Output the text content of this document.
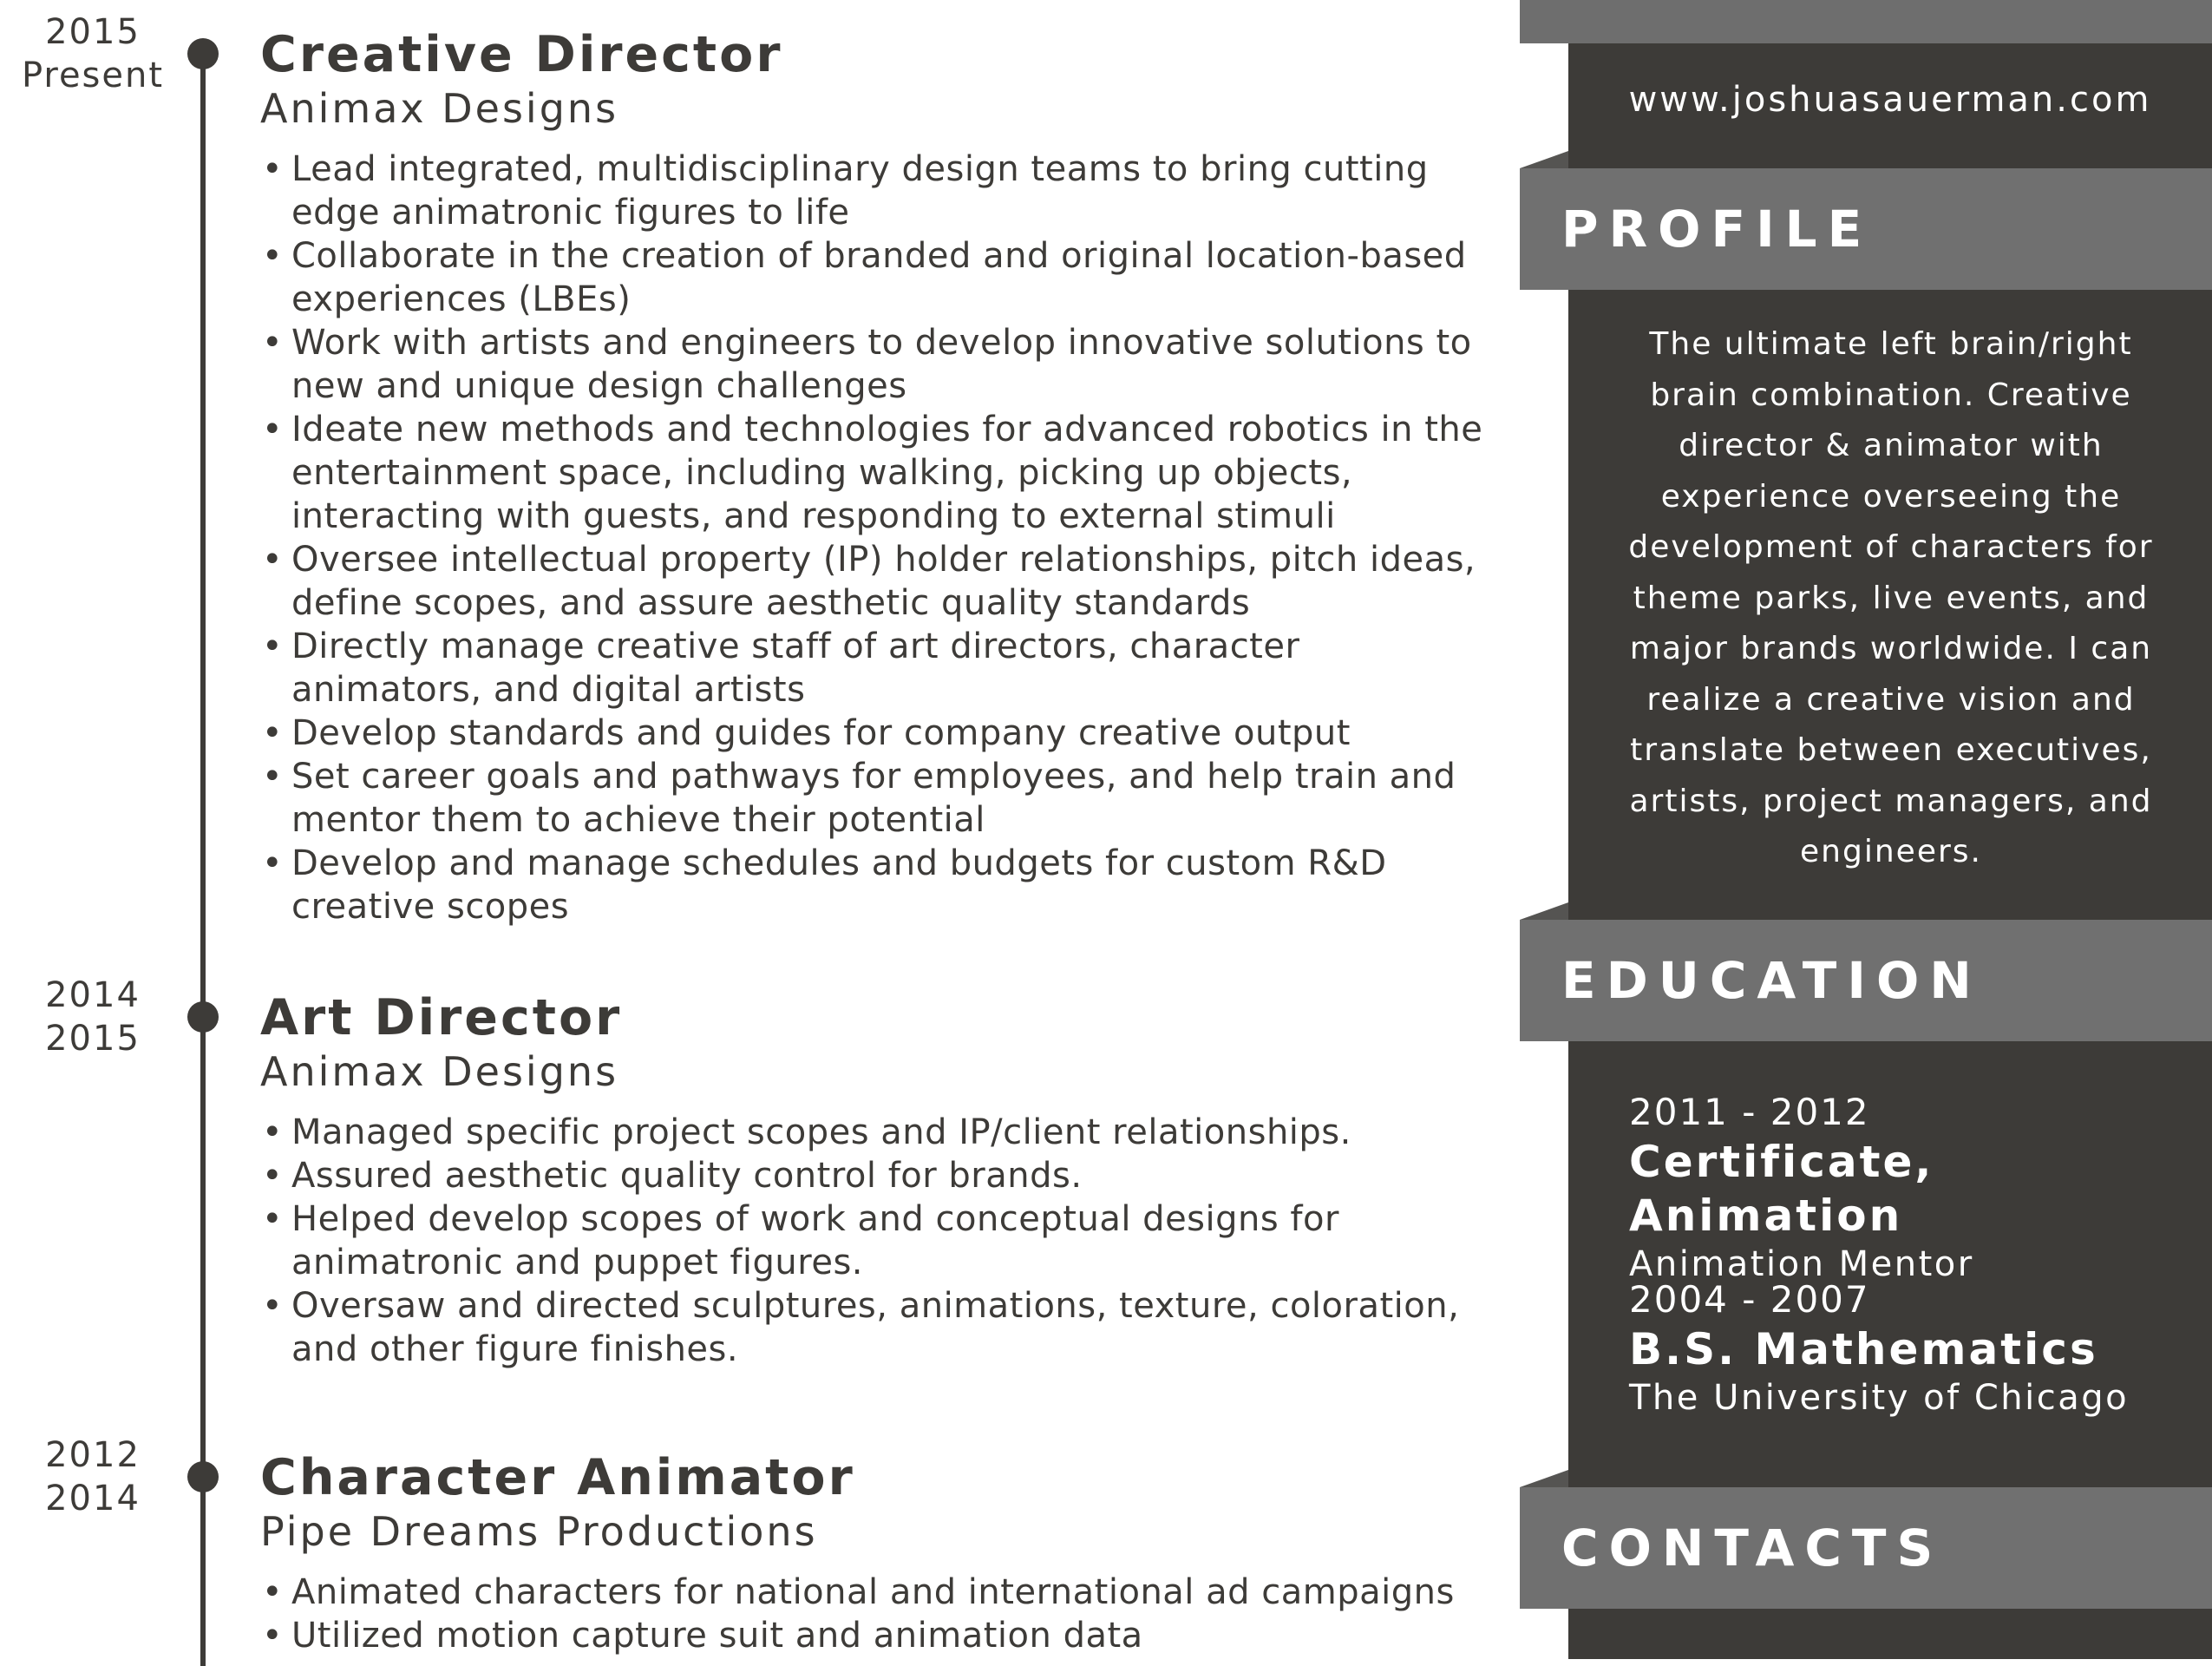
2015
Present	Creative Director
Animax Designs
• Lead integrated, multidisciplinary design teams to bring cutting edge animatronic figures to life
• Collaborate in the creation of branded and original location-based experiences (LBEs)
• Work with artists and engineers to develop innovative solutions to new and unique design challenges
• Ideate new methods and technologies for advanced robotics in the entertainment space, including walking, picking up objects, interacting with guests, and responding to external stimuli
• Oversee intellectual property (IP) holder relationships, pitch ideas, define scopes, and assure aesthetic quality standards
• Directly manage creative staff of art directors, character animators, and digital artists
• Develop standards and guides for company creative output
• Set career goals and pathways for employees, and help train and mentor them to achieve their potential
• Develop and manage schedules and budgets for custom R&D creative scopes
2014
2015	Art Director
Animax Designs
• Managed specific project scopes and IP/client relationships.
• Assured aesthetic quality control for brands.
• Helped develop scopes of work and conceptual designs for animatronic and puppet figures.
• Oversaw and directed sculptures, animations, texture, coloration, and other figure finishes.
2012
2014	Character Animator
Pipe Dreams Productions
• Animated characters for national and international ad campaigns
• Utilized motion capture suit and animation data
www.joshuasauerman.com
PROFILE
The ultimate left brain/right brain combination. Creative director & animator with experience overseeing the development of characters for theme parks, live events, and major brands worldwide. I can realize a creative vision and translate between executives, artists, project managers, and engineers.
EDUCATION
2011 - 2012
Certificate, Animation
Animation Mentor
2004 - 2007
B.S. Mathematics
The University of Chicago
CONTACTS
